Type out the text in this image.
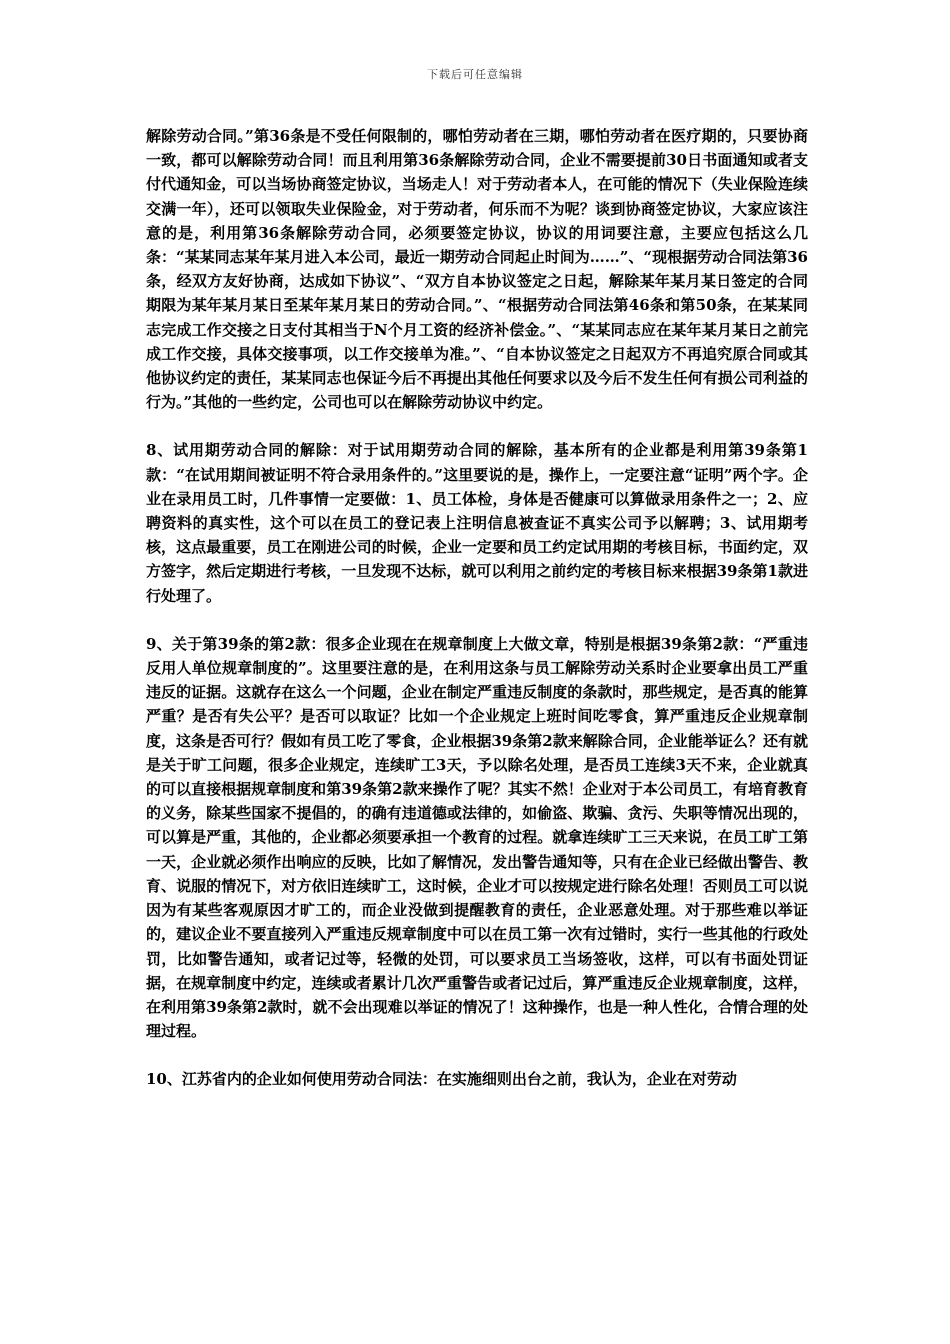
下载后可任意编辑

解除劳动合同。”第36条是不受任何限制的，哪怕劳动者在三期，哪怕劳动者在医疗期的，只要协商一致，都可以解除劳动合同！而且利用第36条解除劳动合同，企业不需要提前30日书面通知或者支付代通知金，可以当场协商签定协议，当场走人！对于劳动者本人，在可能的情况下（失业保险连续交满一年），还可以领取失业保险金，对于劳动者，何乐而不为呢？谈到协商签定协议，大家应该注意的是，利用第36条解除劳动合同，必须要签定协议，协议的用词要注意，主要应包括这么几条：“某某同志某年某月进入本公司，最近一期劳动合同起止时间为……”、“现根据劳动合同法第36条，经双方友好协商，达成如下协议”、“双方自本协议签定之日起，解除某年某月某日签定的合同期限为某年某月某日至某年某月某日的劳动合同。”、“根据劳动合同法第46条和第50条，在某某同志完成工作交接之日支付其相当于N个月工资的经济补偿金。”、“某某同志应在某年某月某日之前完成工作交接，具体交接事项，以工作交接单为准。”、“自本协议签定之日起双方不再追究原合同或其他协议约定的责任，某某同志也保证今后不再提出其他任何要求以及今后不发生任何有损公司利益的行为。”其他的一些约定，公司也可以在解除劳动协议中约定。

8、试用期劳动合同的解除：对于试用期劳动合同的解除，基本所有的企业都是利用第39条第1款：“在试用期间被证明不符合录用条件的。”这里要说的是，操作上，一定要注意“证明”两个字。企业在录用员工时，几件事情一定要做：1、员工体检，身体是否健康可以算做录用条件之一；2、应聘资料的真实性，这个可以在员工的登记表上注明信息被查证不真实公司予以解聘；3、试用期考核，这点最重要，员工在刚进公司的时候，企业一定要和员工约定试用期的考核目标，书面约定，双方签字，然后定期进行考核，一旦发现不达标，就可以利用之前约定的考核目标来根据39条第1款进行处理了。

9、关于第39条的第2款：很多企业现在在规章制度上大做文章，特别是根据39条第2款：“严重违反用人单位规章制度的”。这里要注意的是，在利用这条与员工解除劳动关系时企业要拿出员工严重违反的证据。这就存在这么一个问题，企业在制定严重违反制度的条款时，那些规定，是否真的能算严重？是否有失公平？是否可以取证？比如一个企业规定上班时间吃零食，算严重违反企业规章制度，这条是否可行？假如有员工吃了零食，企业根据39条第2款来解除合同，企业能举证么？还有就是关于旷工问题，很多企业规定，连续旷工3天，予以除名处理，是否员工连续3天不来，企业就真的可以直接根据规章制度和第39条第2款来操作了呢？其实不然！企业对于本公司员工，有培育教育的义务，除某些国家不提倡的，的确有违道德或法律的，如偷盗、欺骗、贪污、失职等情况出现的，可以算是严重，其他的，企业都必须要承担一个教育的过程。就拿连续旷工三天来说，在员工旷工第一天，企业就必须作出响应的反映，比如了解情况，发出警告通知等，只有在企业已经做出警告、教育、说服的情况下，对方依旧连续旷工，这时候，企业才可以按规定进行除名处理！否则员工可以说因为有某些客观原因才旷工的，而企业没做到提醒教育的责任，企业恶意处理。对于那些难以举证的，建议企业不要直接列入严重违反规章制度中可以在员工第一次有过错时，实行一些其他的行政处罚，比如警告通知，或者记过等，轻微的处罚，可以要求员工当场签收，这样，可以有书面处罚证据，在规章制度中约定，连续或者累计几次严重警告或者记过后，算严重违反企业规章制度，这样，在利用第39条第2款时，就不会出现难以举证的情况了！这种操作，也是一种人性化，合情合理的处理过程。

10、江苏省内的企业如何使用劳动合同法：在实施细则出台之前，我认为，企业在对劳动
